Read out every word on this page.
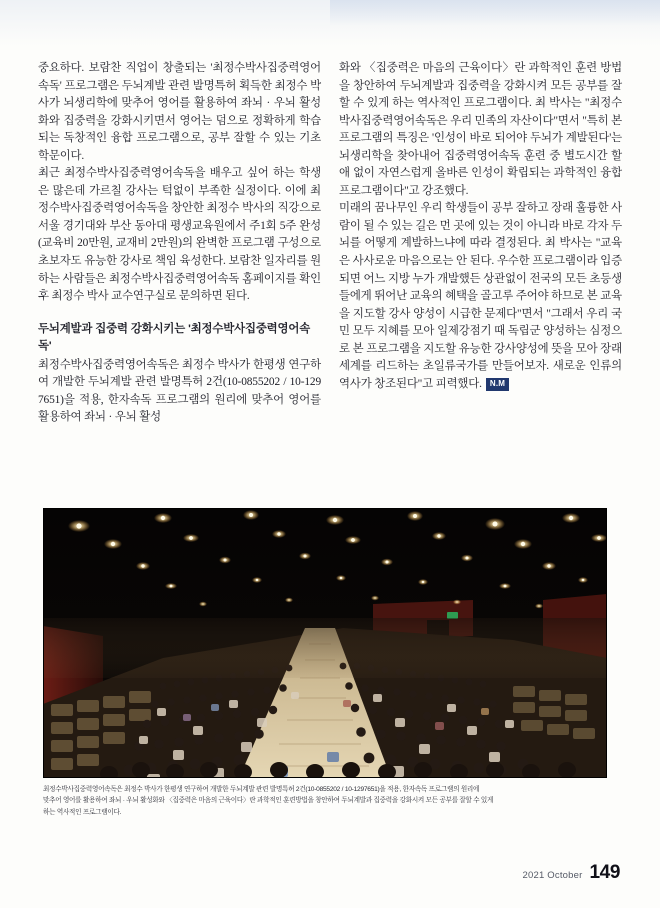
중요하다. 보람찬 직업이 창출되는 '최정수박사집중력영어속독' 프로그램은 두뇌계발 관련 발명특허 획득한 최정수 박사가 뇌생리학에 맞추어 영어를 활용하여 좌뇌 · 우뇌 활성화와 집중력을 강화시키면서 영어는 덤으로 정확하게 학습되는 독창적인 융합 프로그램으로, 공부 잘할 수 있는 기초학문이다.

최근 최정수박사집중력영어속독을 배우고 싶어 하는 학생은 많은데 가르칠 강사는 턱없이 부족한 실정이다. 이에 최정수박사집중력영어속독을 창안한 최정수 박사의 직강으로 서울 경기대와 부산 동아대 평생교육원에서 주1회 5주 완성(교육비 20만원, 교재비 2만원)의 완벽한 프로그램 구성으로 초보자도 유능한 강사로 책임 육성한다. 보람찬 일자리를 원하는 사람들은 최정수박사집중력영어속독 홈페이지를 확인 후 최정수 박사 교수연구실로 문의하면 된다.

두뇌계발과 집중력 강화시키는 '최정수박사집중력영어속독'

최정수박사집중력영어속독은 최정수 박사가 한평생 연구하여 개발한 두뇌계발 관련 발명특허 2건(10-0855202 / 10-1297651)을 적용, 한자속독 프로그램의 원리에 맞추어 영어를 활용하여 좌뇌 · 우뇌 활성

화와 〈집중력은 마음의 근육이다〉란 과학적인 훈련 방법을 창안하여 두뇌계발과 집중력을 강화시켜 모든 공부를 잘할 수 있게 하는 역사적인 프로그램이다. 최 박사는 "최정수박사집중력영어속독은 우리 민족의 자산이다"면서 "특히 본 프로그램의 특징은 '인성이 바로 되어야 두뇌가 계발된다'는 뇌생리학을 찾아내어 집중력영어속독 훈련 중 별도시간 할애 없이 자연스럽게 올바른 인성이 확립되는 과학적인 융합 프로그램이다"고 강조했다.

미래의 꿈나무인 우리 학생들이 공부 잘하고 장래 훌륭한 사람이 될 수 있는 길은 먼 곳에 있는 것이 아니라 바로 각자 두뇌를 어떻게 계발하느냐에 따라 결정된다. 최 박사는 "교육은 사사로운 마음으로는 안 된다. 우수한 프로그램이라 입증되면 어느 지방 누가 개발했든 상관없이 전국의 모든 초등생들에게 뛰어난 교육의 혜택을 골고루 주어야 하므로 본 교육을 지도할 강사 양성이 시급한 문제다"면서 "그래서 우리 국민 모두 지혜를 모아 일제강점기 때 독립군 양성하는 심정으로 본 프로그램을 지도할 유능한 강사양성에 뜻을 모아 장래 세계를 리드하는 초일류국가를 만들어보자. 새로운 인류의 역사가 창조된다"고 피력했다. N.M

최정수박사집중력영어속독은 최정수 박사가 한평생 연구하여 개발한 두뇌계발 관련 발명특허 2건(10-0855202 / 10-1297651)을 적용, 한자속독 프로그램의 원리에
맞추어 영어를 활용하여 좌뇌 · 우뇌 활성화와 〈집중력은 마음의 근육이다〉란 과학적인 훈련방법을 창안하여 두뇌계발과 집중력을 강화시켜 모든 공부를 잘할 수 있게
하는 역사적인 프로그램이다.
2021 October 149
